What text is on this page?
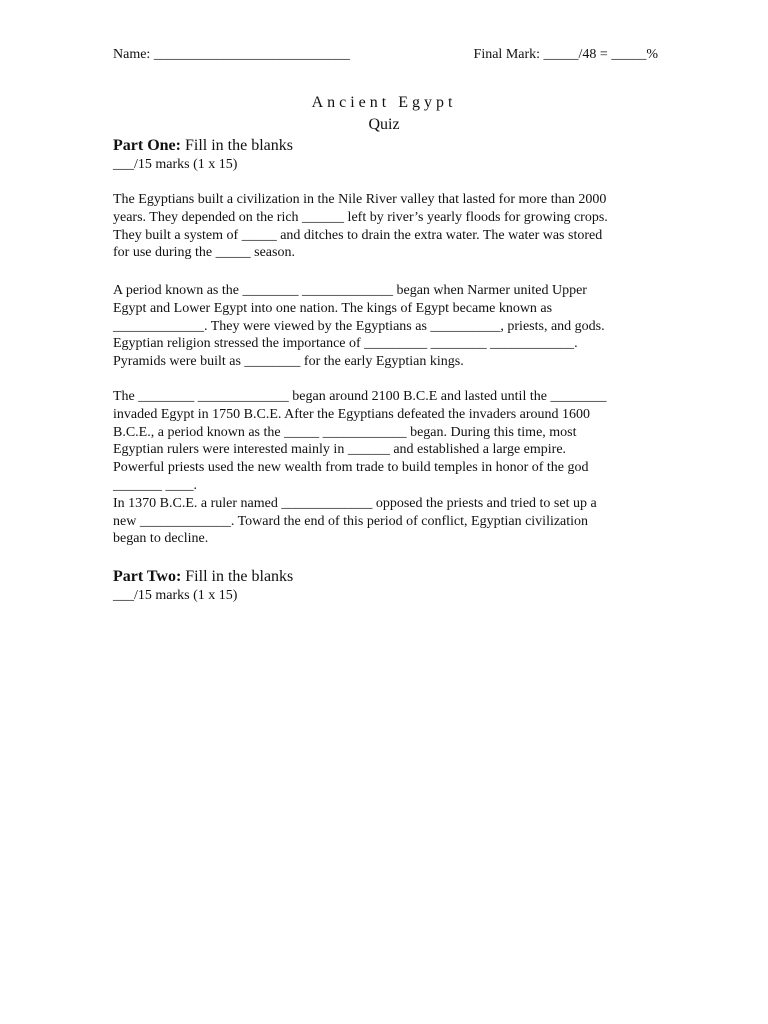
Name: ____________________________	Final Mark: _____/48 = _____%
Ancient Egypt
Quiz
Part One: Fill in the blanks
___/15 marks (1 x 15)
The Egyptians built a civilization in the Nile River valley that lasted for more than 2000
years. They depended on the rich ______ left by river’s yearly floods for growing crops.
They built a system of _____ and ditches to drain the extra water. The water was stored
for use during the _____ season.
A period known as the ________ _____________ began when Narmer united Upper
Egypt and Lower Egypt into one nation. The kings of Egypt became known as
_____________. They were viewed by the Egyptians as __________, priests, and gods.
Egyptian religion stressed the importance of _________ ________ ____________.
Pyramids were built as ________ for the early Egyptian kings.
The ________ _____________ began around 2100 B.C.E and lasted until the ________
invaded Egypt in 1750 B.C.E. After the Egyptians defeated the invaders around 1600
B.C.E., a period known as the _____ ____________ began. During this time, most
Egyptian rulers were interested mainly in ______ and established a large empire.
Powerful priests used the new wealth from trade to build temples in honor of the god
_______ ____.
In 1370 B.C.E. a ruler named _____________ opposed the priests and tried to set up a
new _____________. Toward the end of this period of conflict, Egyptian civilization
began to decline.
Part Two: Fill in the blanks
___/15 marks (1 x 15)
